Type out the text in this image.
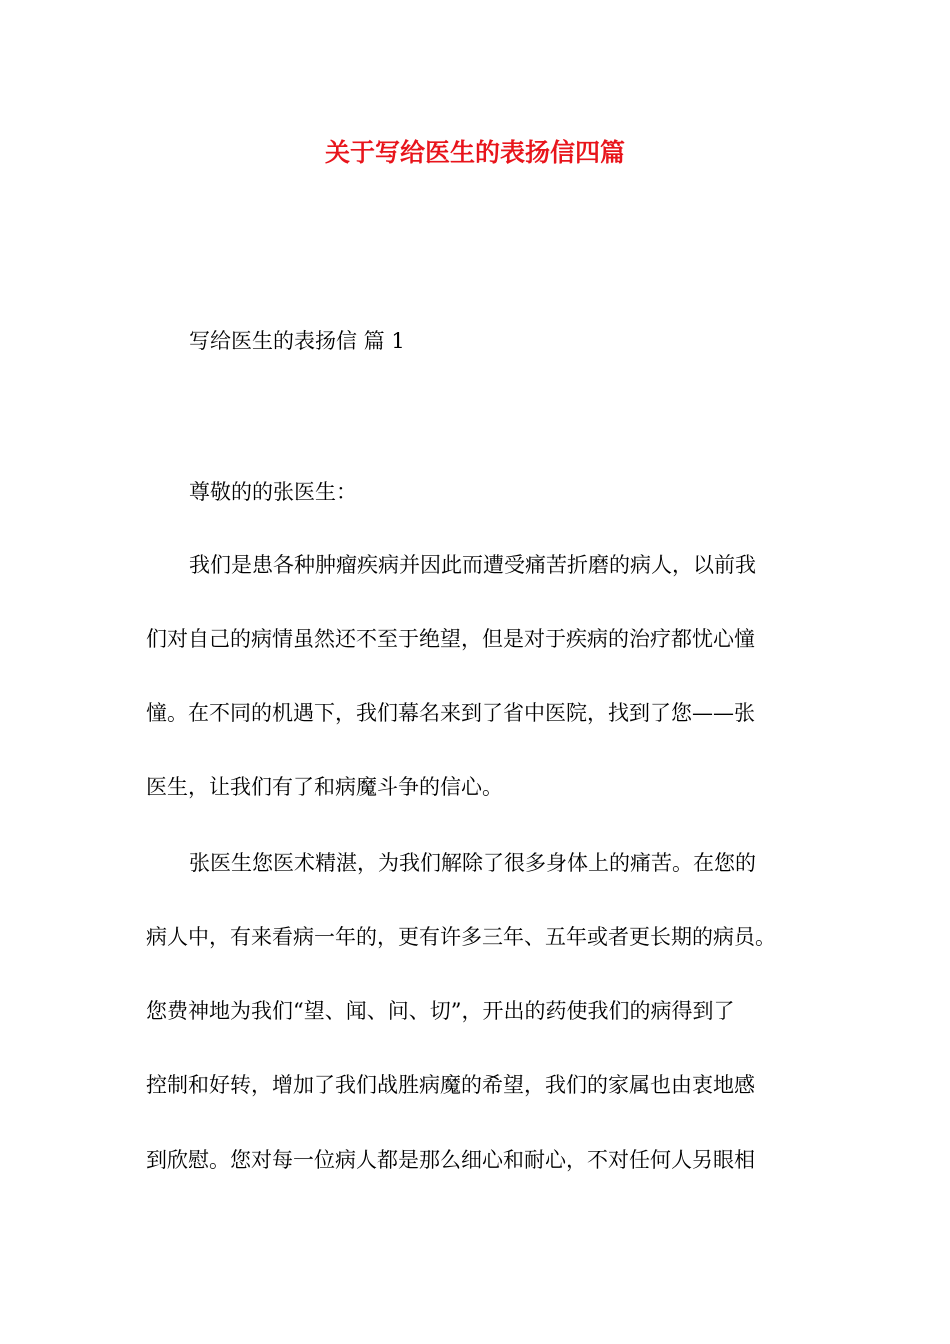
关于写给医生的表扬信四篇
写给医生的表扬信 篇 1
尊敬的的张医生：
我们是患各种肿瘤疾病并因此而遭受痛苦折磨的病人，以前我
们对自己的病情虽然还不至于绝望，但是对于疾病的治疗都忧心憧
憧。在不同的机遇下，我们幕名来到了省中医院，找到了您——张
医生，让我们有了和病魔斗争的信心。
张医生您医术精湛，为我们解除了很多身体上的痛苦。在您的
病人中，有来看病一年的，更有许多三年、五年或者更长期的病员。
您费神地为我们“望、闻、问、切”，开出的药使我们的病得到了
控制和好转，增加了我们战胜病魔的希望，我们的家属也由衷地感
到欣慰。您对每一位病人都是那么细心和耐心，不对任何人另眼相
